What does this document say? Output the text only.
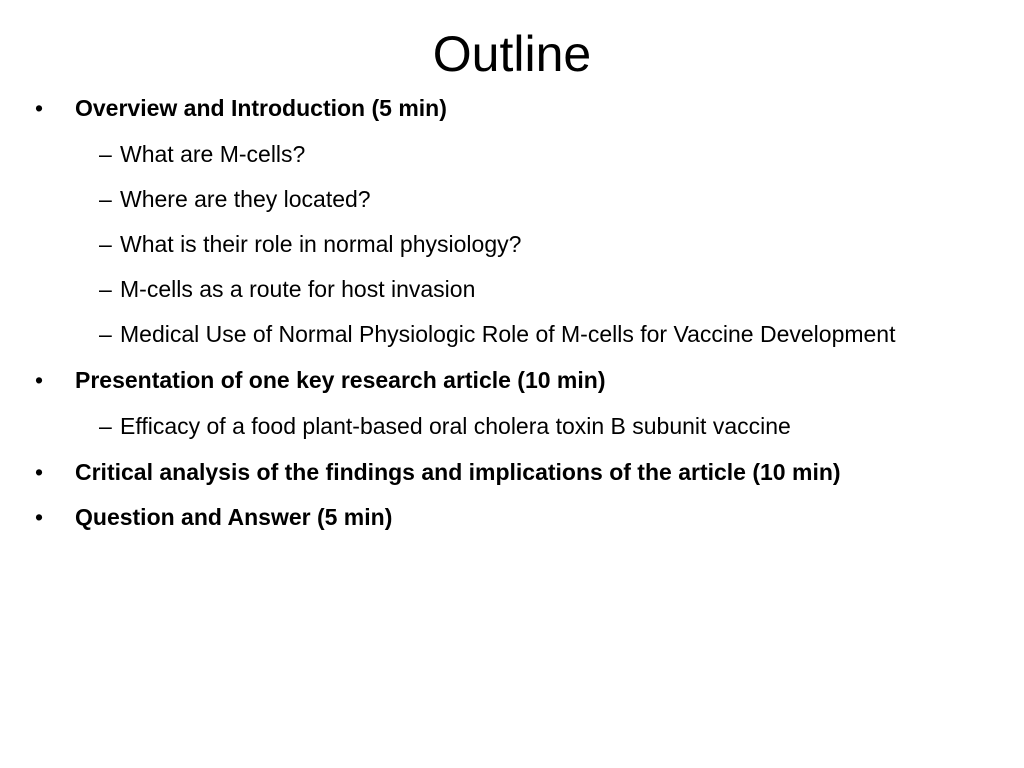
Outline
• Overview and Introduction (5 min)
– What are M-cells?
– Where are they located?
– What is their role in normal physiology?
– M-cells as a route for host invasion
– Medical Use of Normal Physiologic Role of M-cells for Vaccine Development
• Presentation of one key research article (10 min)
– Efficacy of a food plant-based oral cholera toxin B subunit vaccine
• Critical analysis of the findings and implications of the article (10 min)
• Question and Answer (5 min)
